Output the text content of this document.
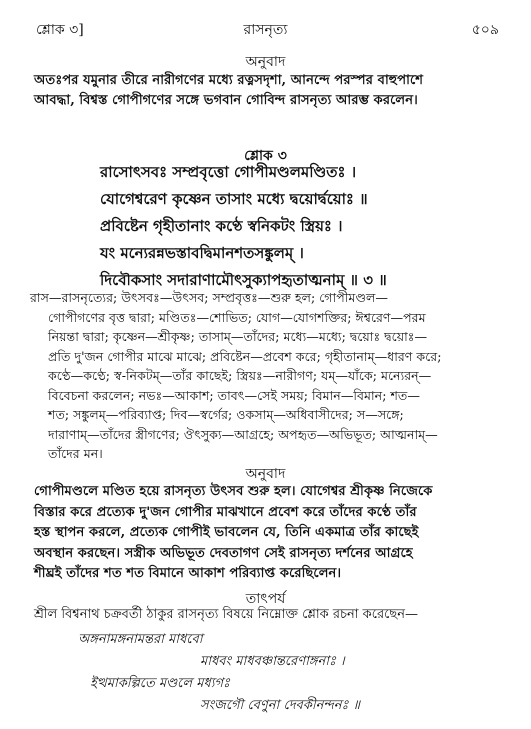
শ্লোক ৩]	রাসনৃত্য	৫০৯
অনুবাদ
অতঃপর যমুনার তীরে নারীগণের মধ্যে রত্নসদৃশা, আনন্দে পরস্পর বাহুপাশে
আবদ্ধা, বিশ্বস্ত গোপীগণের সঙ্গে ভগবান গোবিন্দ রাসনৃত্য আরম্ভ করলেন।
শ্লোক ৩
রাসোৎসবঃ সম্প্রবৃত্তো গোপীমণ্ডলমণ্ডিতঃ ।
যোগেশ্বরেণ কৃষ্ণেন তাসাং মধ্যে দ্বয়োর্দ্বয়োঃ ॥
প্রবিষ্টেন গৃহীতানাং কণ্ঠে স্বনিকটং স্ত্রিয়ঃ ।
যং মন্যেরন্নভস্তাবদ্বিমানশতসঙ্কুলম্ ।
দিবৌকসাং সদারাণামৌৎসুক্যাপহৃতাত্মনাম্ ॥ ৩ ॥
রাস—রাসনৃত্যের; উৎসবঃ—উৎসব; সম্প্রবৃত্তঃ—শুরু হল; গোপীমণ্ডল—
গোপীগণের বৃত্ত দ্বারা; মণ্ডিতঃ—শোভিত; যোগ—যোগশক্তির; ঈশ্বরেণ—পরম
নিয়ন্তা দ্বারা; কৃষ্ণেন—শ্রীকৃষ্ণ; তাসাম্—তাঁদের; মধ্যে—মধ্যে; দ্বয়োঃ দ্বয়োঃ—
প্রতি দু'জন গোপীর মাঝে মাঝে; প্রবিষ্টেন—প্রবেশ করে; গৃহীতানাম্—ধারণ করে;
কণ্ঠে—কণ্ঠে; স্ব-নিকটম্—তাঁর কাছেই; স্ত্রিয়ঃ—নারীগণ; যম্—যাঁকে; মন্যেরন্—
বিবেচনা করলেন; নভঃ—আকাশ; তাবৎ—সেই সময়; বিমান—বিমান; শত—
শত; সঙ্কুলম্—পরিব্যাপ্ত; দিব—স্বর্গের; ওকসাম্—অধিবাসীদের; স—সঙ্গে;
দারাণাম্—তাঁদের স্ত্রীগণের; ঔৎসুক্য—আগ্রহে; অপহৃত—অভিভূত; আত্মনাম্—
তাঁদের মন।
অনুবাদ
গোপীমণ্ডলে মণ্ডিত হয়ে রাসনৃত্য উৎসব শুরু হল। যোগেশ্বর শ্রীকৃষ্ণ নিজেকে
বিস্তার করে প্রত্যেক দু'জন গোপীর মাঝখানে প্রবেশ করে তাঁদের কণ্ঠে তাঁর
হস্ত স্থাপন করলে, প্রত্যেক গোপীই ভাবলেন যে, তিনি একমাত্র তাঁর কাছেই
অবস্থান করছেন। সস্ত্রীক অভিভূত দেবতাগণ সেই রাসনৃত্য দর্শনের আগ্রহে
শীঘ্রই তাঁদের শত শত বিমানে আকাশ পরিব্যাপ্ত করেছিলেন।
তাৎপর্য
শ্রীল বিশ্বনাথ চক্রবর্তী ঠাকুর রাসনৃত্য বিষয়ে নিম্নোক্ত শ্লোক রচনা করেছেন—
অঙ্গনামঙ্গনামন্তরা মাধবো
মাধবং মাধবঞ্চান্তরেণাঙ্গনাঃ ।
ইত্থমাকল্পিতে মণ্ডলে মধ্যগঃ
সংজগৌ বেণুনা দেবকীনন্দনঃ ॥
